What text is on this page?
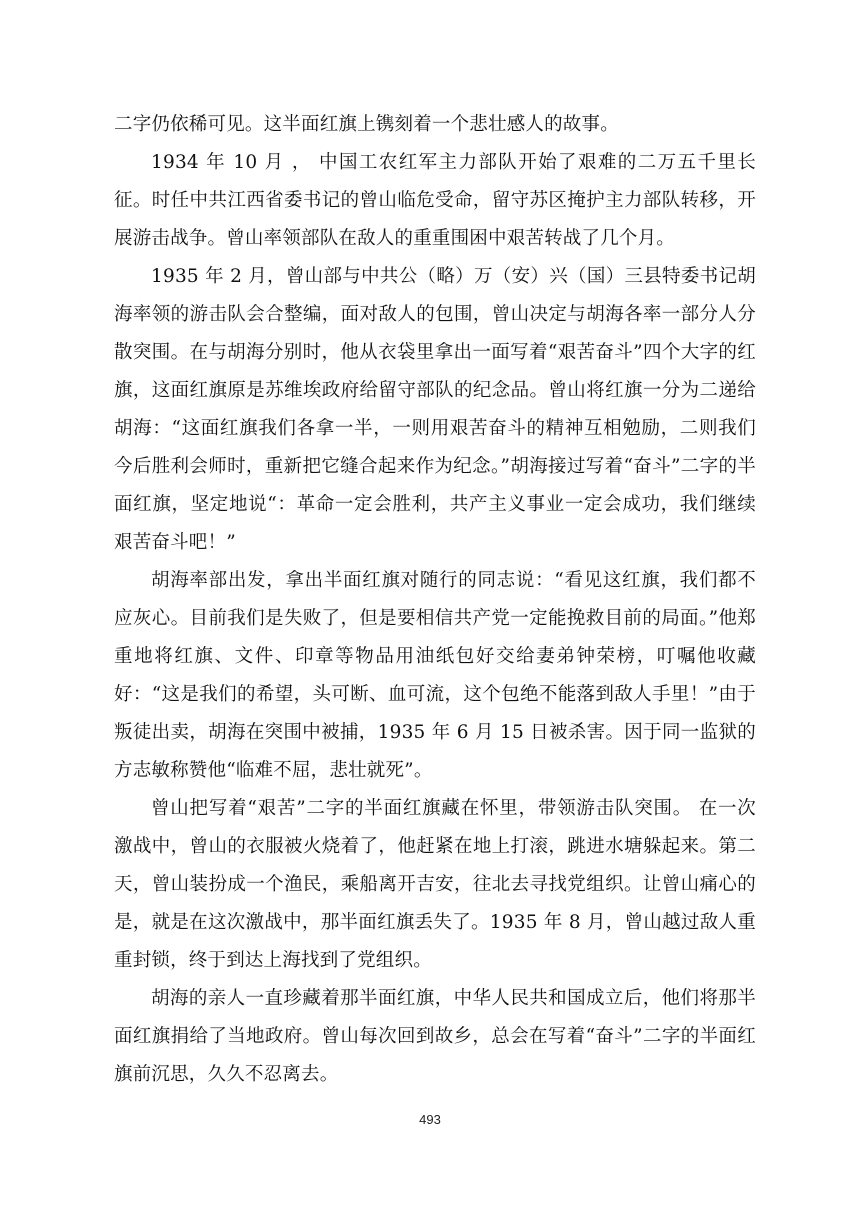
二字仍依稀可见。这半面红旗上镌刻着一个悲壮感人的故事。

1934 年 10 月 ， 中国工农红军主力部队开始了艰难的二万五千里长征。时任中共江西省委书记的曾山临危受命，留守苏区掩护主力部队转移，开展游击战争。曾山率领部队在敌人的重重围困中艰苦转战了几个月。

1935 年 2 月，曾山部与中共公（略）万（安）兴（国）三县特委书记胡海率领的游击队会合整编，面对敌人的包围，曾山决定与胡海各率一部分人分散突围。在与胡海分别时，他从衣袋里拿出一面写着“艰苦奋斗”四个大字的红旗，这面红旗原是苏维埃政府给留守部队的纪念品。曾山将红旗一分为二递给胡海：“这面红旗我们各拿一半，一则用艰苦奋斗的精神互相勉励，二则我们今后胜利会师时，重新把它缝合起来作为纪念。”胡海接过写着“奋斗”二字的半面红旗，坚定地说“：革命一定会胜利，共产主义事业一定会成功，我们继续艰苦奋斗吧！”

胡海率部出发，拿出半面红旗对随行的同志说：“看见这红旗，我们都不应灰心。目前我们是失败了，但是要相信共产党一定能挽救目前的局面。”他郑重地将红旗、文件、印章等物品用油纸包好交给妻弟钟荣榜，叮嘱他收藏好：“这是我们的希望，头可断、血可流，这个包绝不能落到敌人手里！”由于叛徒出卖，胡海在突围中被捕，1935 年 6 月 15 日被杀害。因于同一监狱的方志敏称赞他“临难不屈，悲壮就死”。

曾山把写着“艰苦”二字的半面红旗藏在怀里，带领游击队突围。 在一次激战中，曾山的衣服被火烧着了，他赶紧在地上打滚，跳进水塘躲起来。第二天，曾山装扮成一个渔民，乘船离开吉安，往北去寻找党组织。让曾山痛心的是，就是在这次激战中，那半面红旗丢失了。1935 年 8 月，曾山越过敌人重重封锁，终于到达上海找到了党组织。

胡海的亲人一直珍藏着那半面红旗，中华人民共和国成立后，他们将那半面红旗捐给了当地政府。曾山每次回到故乡，总会在写着“奋斗”二字的半面红旗前沉思，久久不忍离去。

493
